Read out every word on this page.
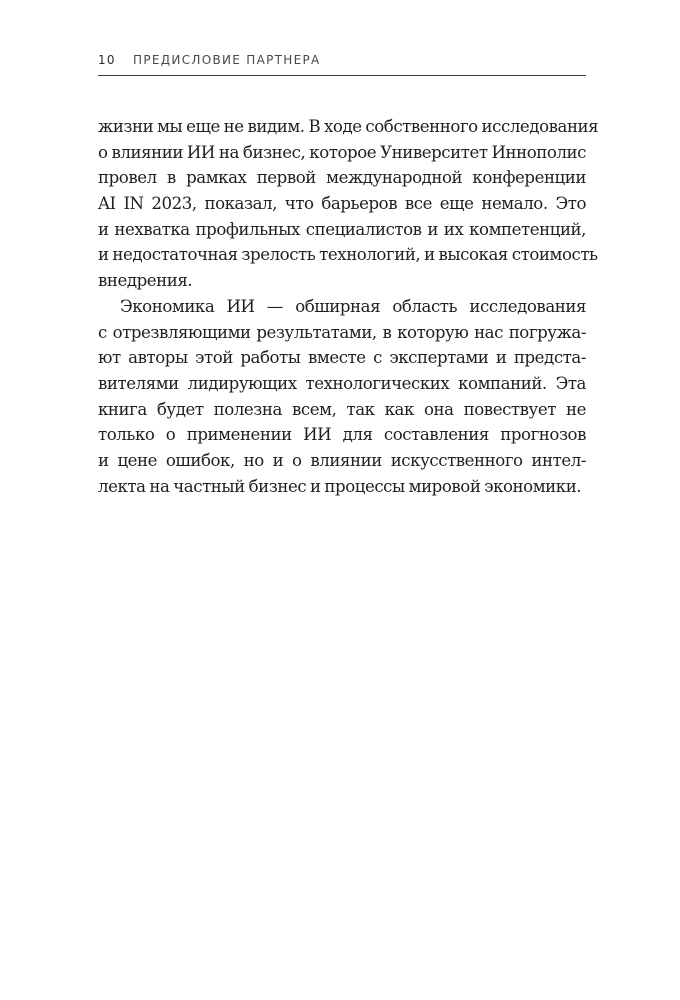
10 ПРЕДИСЛОВИЕ ПАРТНЕРА
жизни мы еще не видим. В ходе собственного исследования
о влиянии ИИ на бизнес, которое Университет Иннополис
провел в рамках первой международной конференции
AI IN 2023, показал, что барьеров все еще немало. Это
и нехватка профильных специалистов и их компетенций,
и недостаточная зрелость технологий, и высокая стоимость
внедрения.
Экономика ИИ — обширная область исследования
с отрезвляющими результатами, в которую нас погружа-
ют авторы этой работы вместе с экспертами и предста-
вителями лидирующих технологических компаний. Эта
книга будет полезна всем, так как она повествует не
только о применении ИИ для составления прогнозов
и цене ошибок, но и о влиянии искусственного интел-
лекта на частный бизнес и процессы мировой экономики.
